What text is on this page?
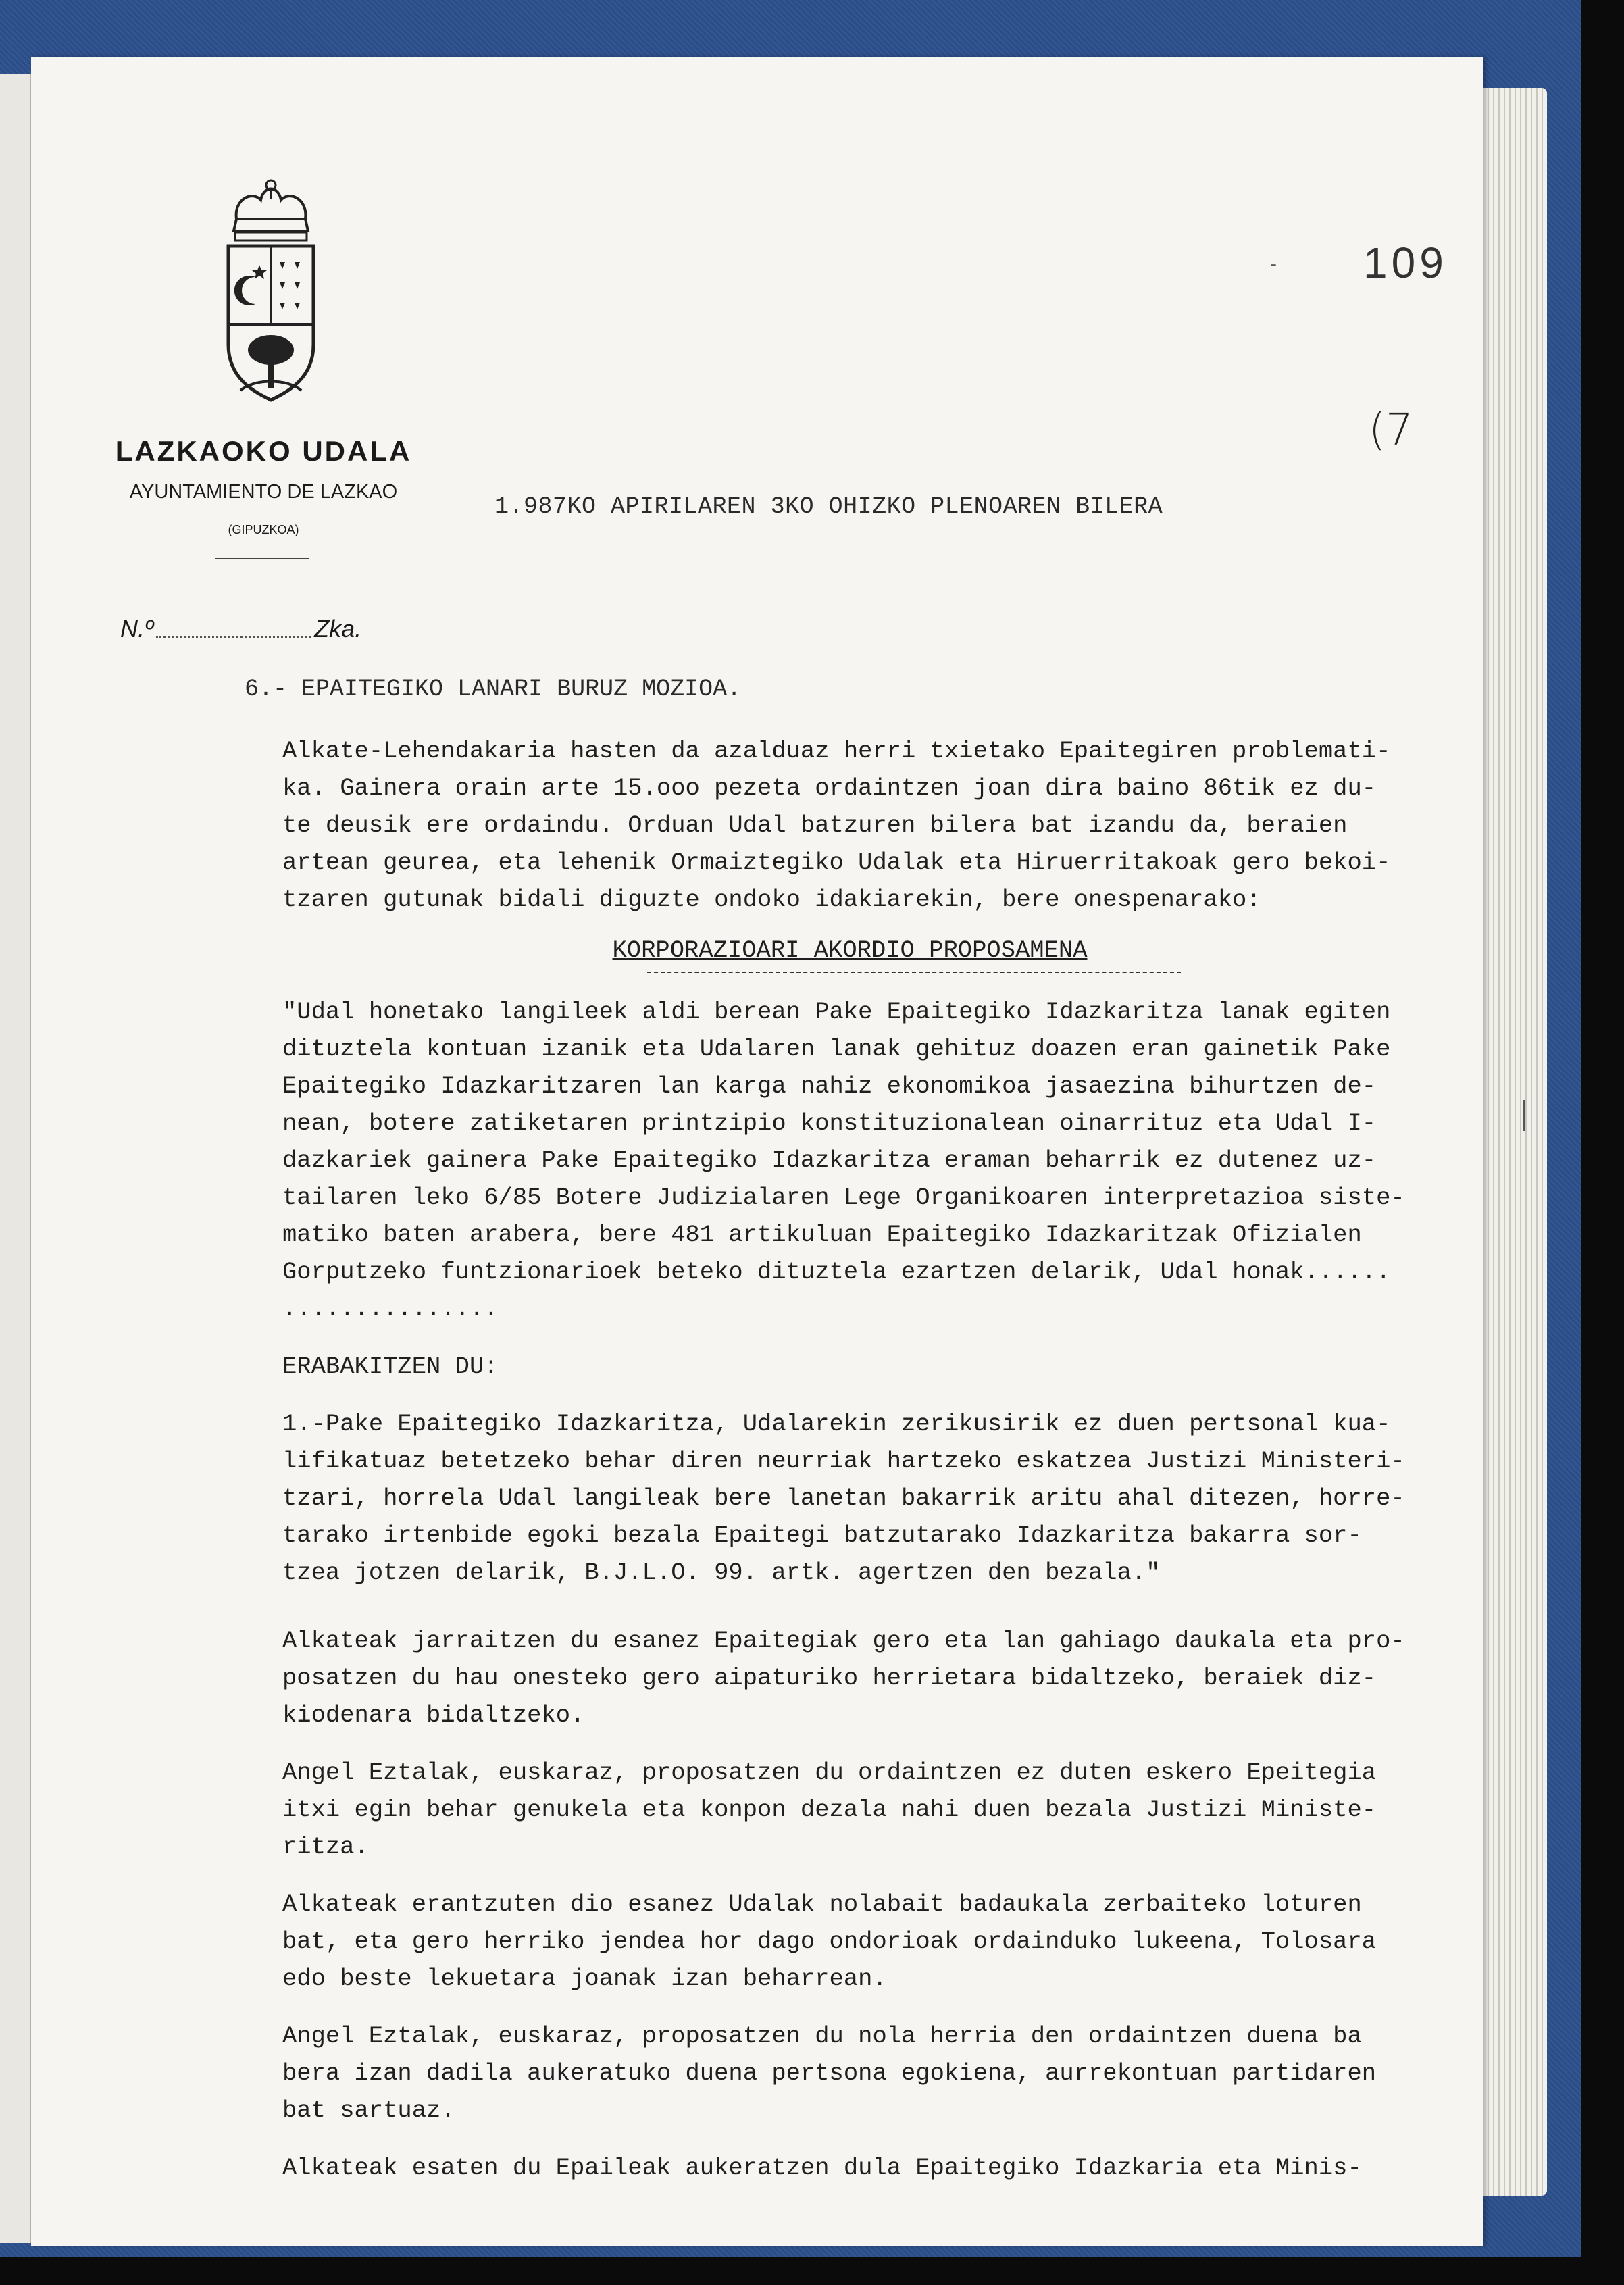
LAZKAOKO UDALA
AYUNTAMIENTO DE LAZKAO
(GIPUZKOA)
N.º	Zka.
- 109
(7
1.987KO APIRILAREN 3KO OHIZKO PLENOAREN BILERA
6.- EPAITEGIKO LANARI BURUZ MOZIOA.

Alkate-Lehendakaria hasten da azalduaz herri txietako Epaitegiren problemati-

ka. Gainera orain arte 15.ooo pezeta ordaintzen joan dira baino 86tik ez du-

te deusik ere ordaindu. Orduan Udal batzuren bilera bat izandu da, beraien

artean geurea, eta lehenik Ormaiztegiko Udalak eta Hiruerritakoak gero bekoi-

tzaren gutunak bidali diguzte ondoko idakiarekin, bere onespenarako:

KORPORAZIOARI AKORDIO PROPOSAMENA

"Udal honetako langileek aldi berean Pake Epaitegiko Idazkaritza lanak egiten

dituztela kontuan izanik eta Udalaren lanak gehituz doazen eran gainetik Pake

Epaitegiko Idazkaritzaren lan karga nahiz ekonomikoa jasaezina bihurtzen de-

nean, botere zatiketaren printzipio konstituzionalean oinarrituz eta Udal I-

dazkariek gainera Pake Epaitegiko Idazkaritza eraman beharrik ez dutenez uz-

tailaren leko 6/85 Botere Judizialaren Lege Organikoaren interpretazioa siste-

matiko baten arabera, bere 481 artikuluan Epaitegiko Idazkaritzak Ofizialen

Gorputzeko funtzionarioek beteko dituztela ezartzen delarik, Udal honak......

...............

ERABAKITZEN DU:

1.-Pake Epaitegiko Idazkaritza, Udalarekin zerikusirik ez duen pertsonal kua-

lifikatuaz betetzeko behar diren neurriak hartzeko eskatzea Justizi Ministeri-

tzari, horrela Udal langileak bere lanetan bakarrik aritu ahal ditezen, horre-

tarako irtenbide egoki bezala Epaitegi batzutarako Idazkaritza bakarra sor-

tzea jotzen delarik, B.J.L.O. 99. artk. agertzen den bezala."

Alkateak jarraitzen du esanez Epaitegiak gero eta lan gahiago daukala eta pro-

posatzen du hau onesteko gero aipaturiko herrietara bidaltzeko, beraiek diz-

kiodenara bidaltzeko.

Angel Eztalak, euskaraz, proposatzen du ordaintzen ez duten eskero Epeitegia

itxi egin behar genukela eta konpon dezala nahi duen bezala Justizi Ministe-

ritza.

Alkateak erantzuten dio esanez Udalak nolabait badaukala zerbaiteko loturen

bat, eta gero herriko jendea hor dago ondorioak ordainduko lukeena, Tolosara

edo beste lekuetara joanak izan beharrean.

Angel Eztalak, euskaraz, proposatzen du nola herria den ordaintzen duena ba

bera izan dadila aukeratuko duena pertsona egokiena, aurrekontuan partidaren

bat sartuaz.

Alkateak esaten du Epaileak aukeratzen dula Epaitegiko Idazkaria eta Minis-
